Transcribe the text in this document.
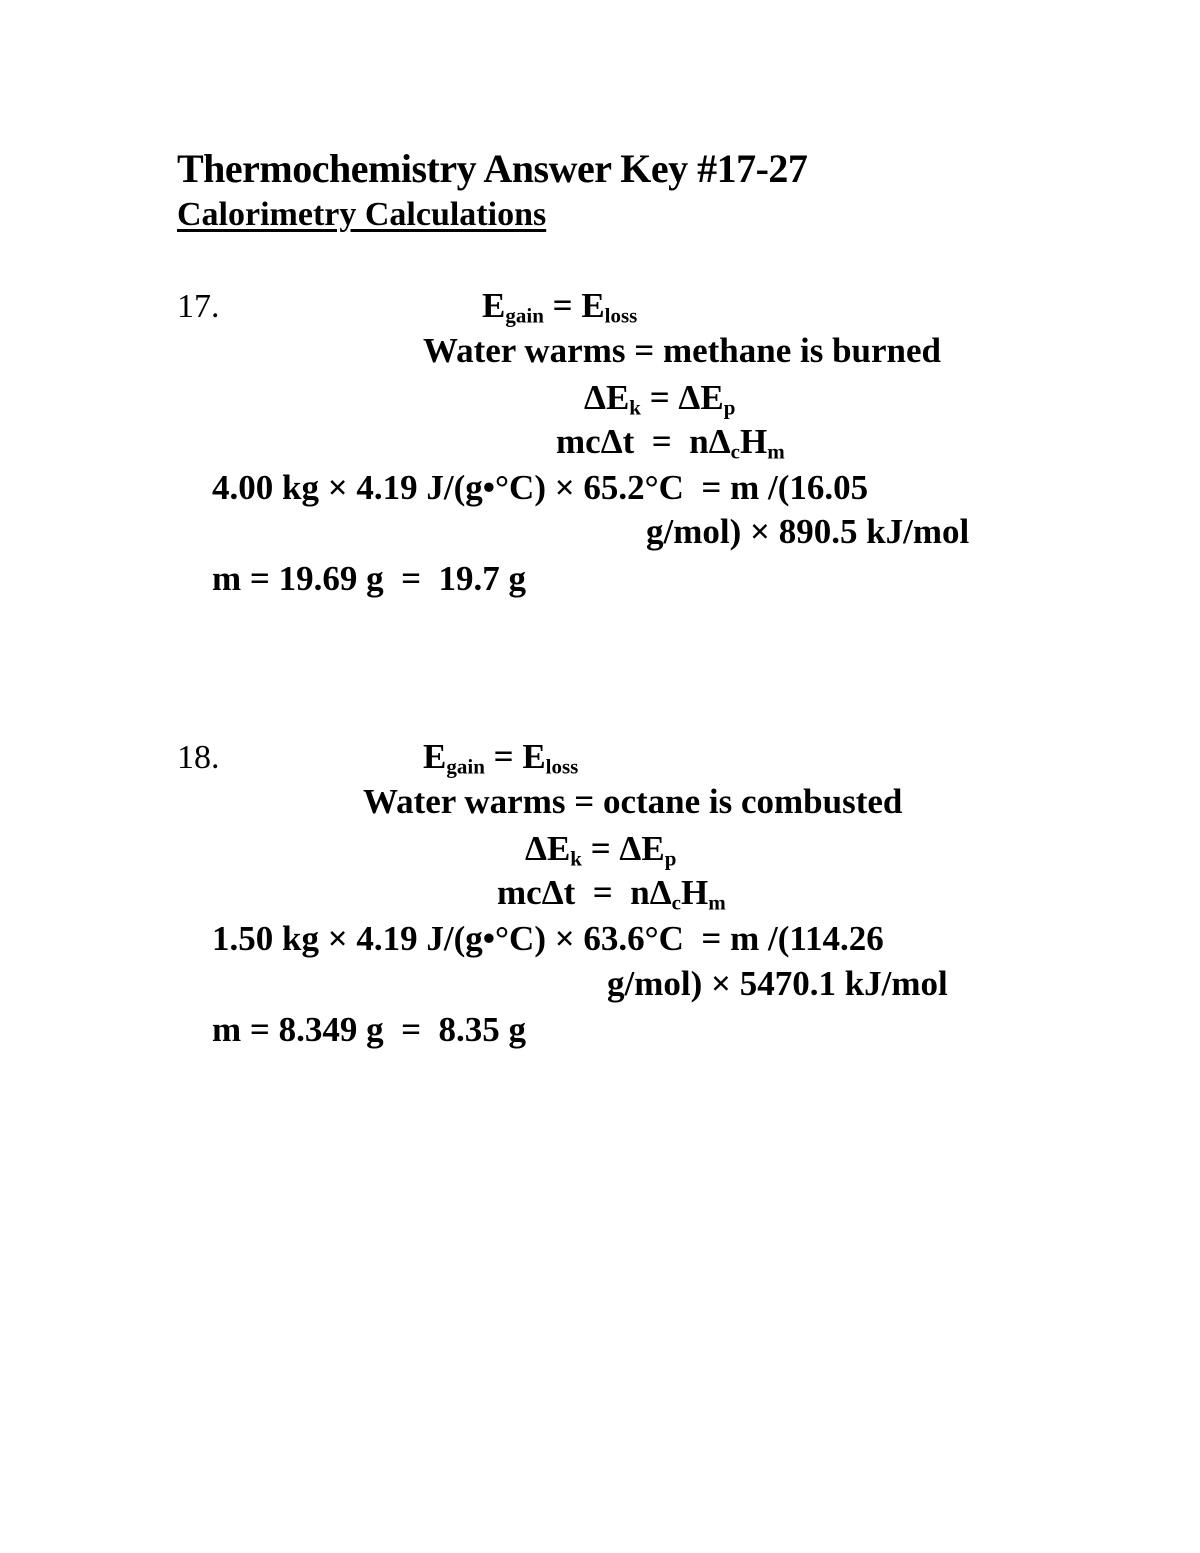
Thermochemistry Answer Key #17-27
Calorimetry Calculations
17.	$E_{gain} = E_{loss}$
Water warms = methane is burned
$\Delta E_k = \Delta E_p$
$mc\Delta t = n\Delta_cH_m$
4.00 kg × 4.19 J/(g•°C) × 65.2°C  = m /(16.05
g/mol) × 890.5 kJ/mol
m = 19.69 g  =  19.7 g
18.	$E_{gain} = E_{loss}$
Water warms = octane is combusted
$\Delta E_k = \Delta E_p$
$mc\Delta t = n\Delta_cH_m$
1.50 kg × 4.19 J/(g•°C) × 63.6°C  = m /(114.26
g/mol) × 5470.1 kJ/mol
m = 8.349 g  =  8.35 g
